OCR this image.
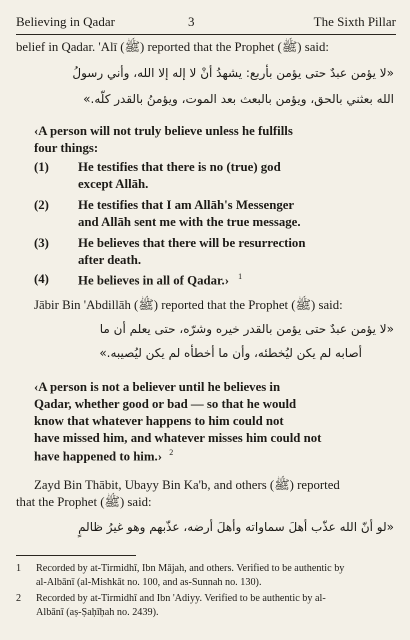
Believing in Qadar	3	The Sixth Pillar
belief in Qadar. 'Alī (ﷺ) reported that the Prophet (ﷺ) said:
«لا يؤمن عبدٌ حتى يؤمن بأربع: يشهدُ أنْ لا إله إلا الله، وأني رسولُ
الله بعثني بالحق، ويؤمن بالبعث بعد الموت، ويؤمنُ بالقدر كلّه.»
‹A person will not truly believe unless he fulfills
four things:
(1) He testifies that there is no (true) god
except Allāh.
(2) He testifies that I am Allāh's Messenger
and Allāh sent me with the true message.
(3) He believes that there will be resurrection
after death.
(4) He believes in all of Qadar.› $^1$
Jābir Bin 'Abdillāh (ﷺ) reported that the Prophet (ﷺ) said:
«لا يؤمن عبدٌ حتى يؤمن بالقدر خيره وشرّه، حتى يعلم أن ما
أصابه لم يكن ليُخطئه، وأن ما أخطأه لم يكن ليُصيبه.»
‹A person is not a believer until he believes in
Qadar, whether good or bad — so that he would
know that whatever happens to him could not
have missed him, and whatever misses him could not
have happened to him.› $^2$
Zayd Bin Thābit, Ubayy Bin Ka'b, and others (ﷺ) reported
that the Prophet (ﷺ) said:
«لو أنّ الله عذّب أهلَ سماواته وأهلَ أرضه، عذّبهم وهو غيرُ ظالمٍ
1 Recorded by at-Tirmidhī, Ibn Mājah, and others. Verified to be authentic by
al-Albānī (al-Mishkāt no. 100, and as-Sunnah no. 130).
2 Recorded by at-Tirmidhī and Ibn 'Adiyy. Verified to be authentic by al-
Albānī (aṣ-Ṣaḥīḥah no. 2439).
